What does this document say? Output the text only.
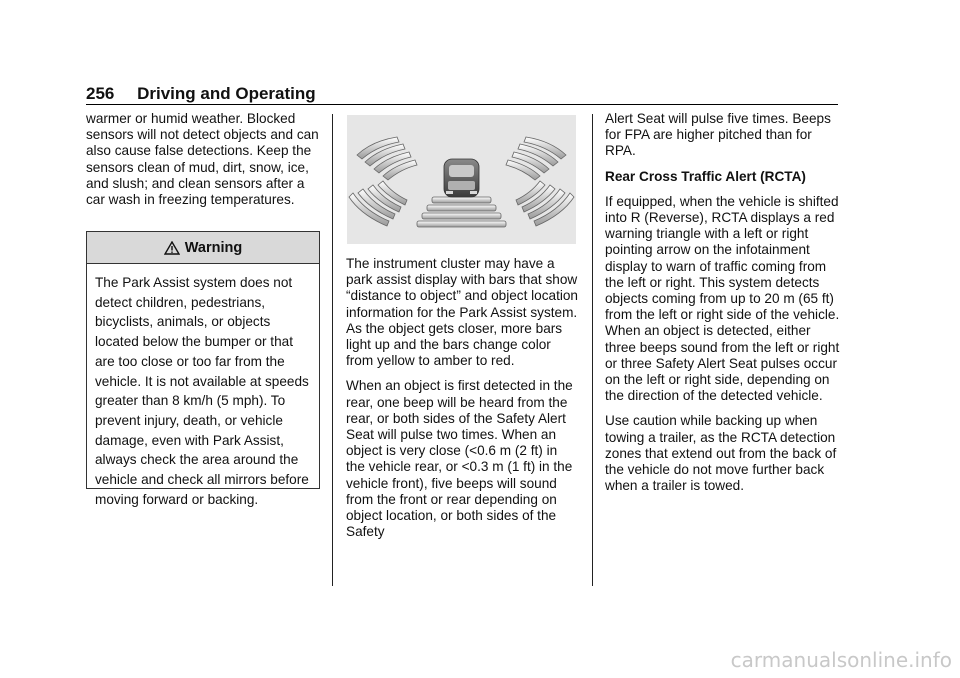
256 Driving and Operating

warmer or humid weather. Blocked sensors will not detect objects and can also cause false detections. Keep the sensors clean of mud, dirt, snow, ice, and slush; and clean sensors after a car wash in freezing temperatures.

Warning
The Park Assist system does not detect children, pedestrians, bicyclists, animals, or objects located below the bumper or that are too close or too far from the vehicle. It is not available at speeds greater than 8 km/h (5 mph). To prevent injury, death, or vehicle damage, even with Park Assist, always check the area around the vehicle and check all mirrors before moving forward or backing.

The instrument cluster may have a park assist display with bars that show “distance to object” and object location information for the Park Assist system. As the object gets closer, more bars light up and the bars change color from yellow to amber to red.

When an object is first detected in the rear, one beep will be heard from the rear, or both sides of the Safety Alert Seat will pulse two times. When an object is very close (<0.6 m (2 ft) in the vehicle rear, or <0.3 m (1 ft) in the vehicle front), five beeps will sound from the front or rear depending on object location, or both sides of the Safety

Alert Seat will pulse five times. Beeps for FPA are higher pitched than for RPA.

Rear Cross Traffic Alert (RCTA)

If equipped, when the vehicle is shifted into R (Reverse), RCTA displays a red warning triangle with a left or right pointing arrow on the infotainment display to warn of traffic coming from the left or right. This system detects objects coming from up to 20 m (65 ft) from the left or right side of the vehicle. When an object is detected, either three beeps sound from the left or right or three Safety Alert Seat pulses occur on the left or right side, depending on the direction of the detected vehicle.

Use caution while backing up when towing a trailer, as the RCTA detection zones that extend out from the back of the vehicle do not move further back when a trailer is towed.

carmanualsonline.info
